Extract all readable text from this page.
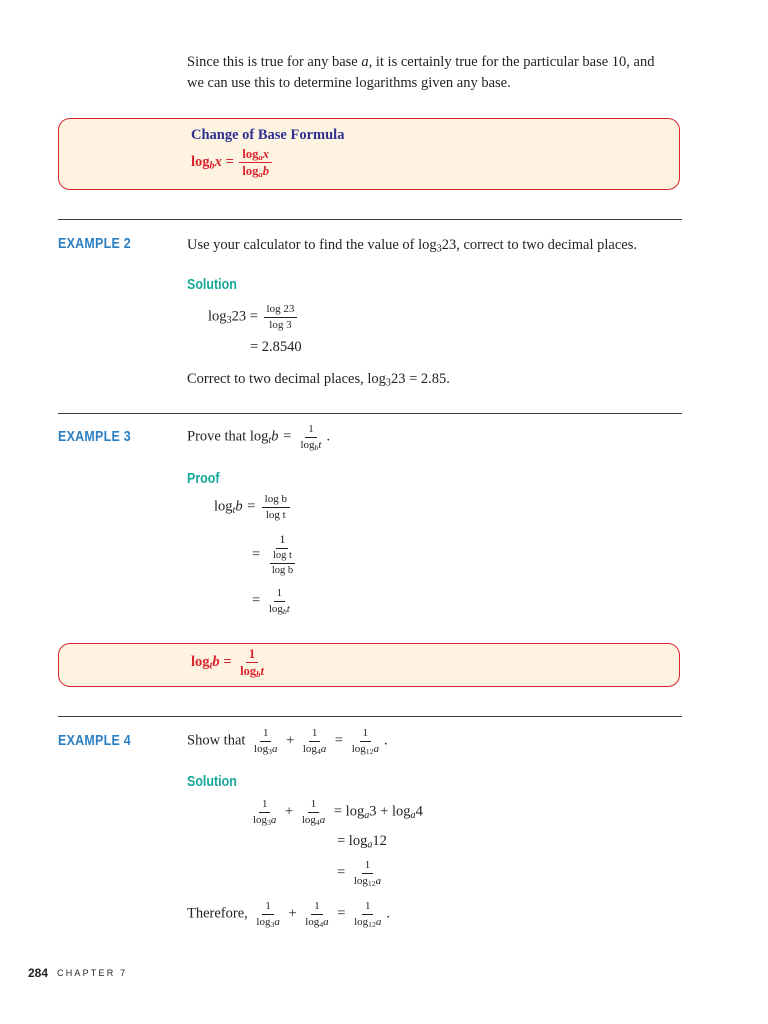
Since this is true for any base a, it is certainly true for the particular base 10, and
we can use this to determine logarithms given any base.
Change of Base Formula
$\log_bx = \frac{\log_ax}{\log_ab}$
EXAMPLE 2	Use your calculator to find the value of $\log_323$, correct to two decimal places.
Solution
$\log_323 = \frac{\log 23}{\log 3}$
= 2.8540
Correct to two decimal places, $\log_323 = 2.85$.
EXAMPLE 3	Prove that $\log_tb = \frac{1}{\log_bt}$ .
Proof
$\log_tb = \frac{\text{log b}}{\text{log t}}$
= $\frac{1}{\frac{\text{log t}}{\text{log b}}}$
= $\frac{1}{\log_bt}$
$\log_tb = \frac{1}{\log_bt}$
EXAMPLE 4	Show that $\frac{1}{\log_3a} + \frac{1}{\log_4a} = \frac{1}{\log_{12}a}$ .
Solution
$\frac{1}{\log_3a} + \frac{1}{\log_4a} = \log_a3 + \log_a4$
= $\log_a12$
= $\frac{1}{\log_{12}a}$
Therefore, $\frac{1}{\log_3a} + \frac{1}{\log_4a} = \frac{1}{\log_{12}a}$ .
284 CHAPTER 7
